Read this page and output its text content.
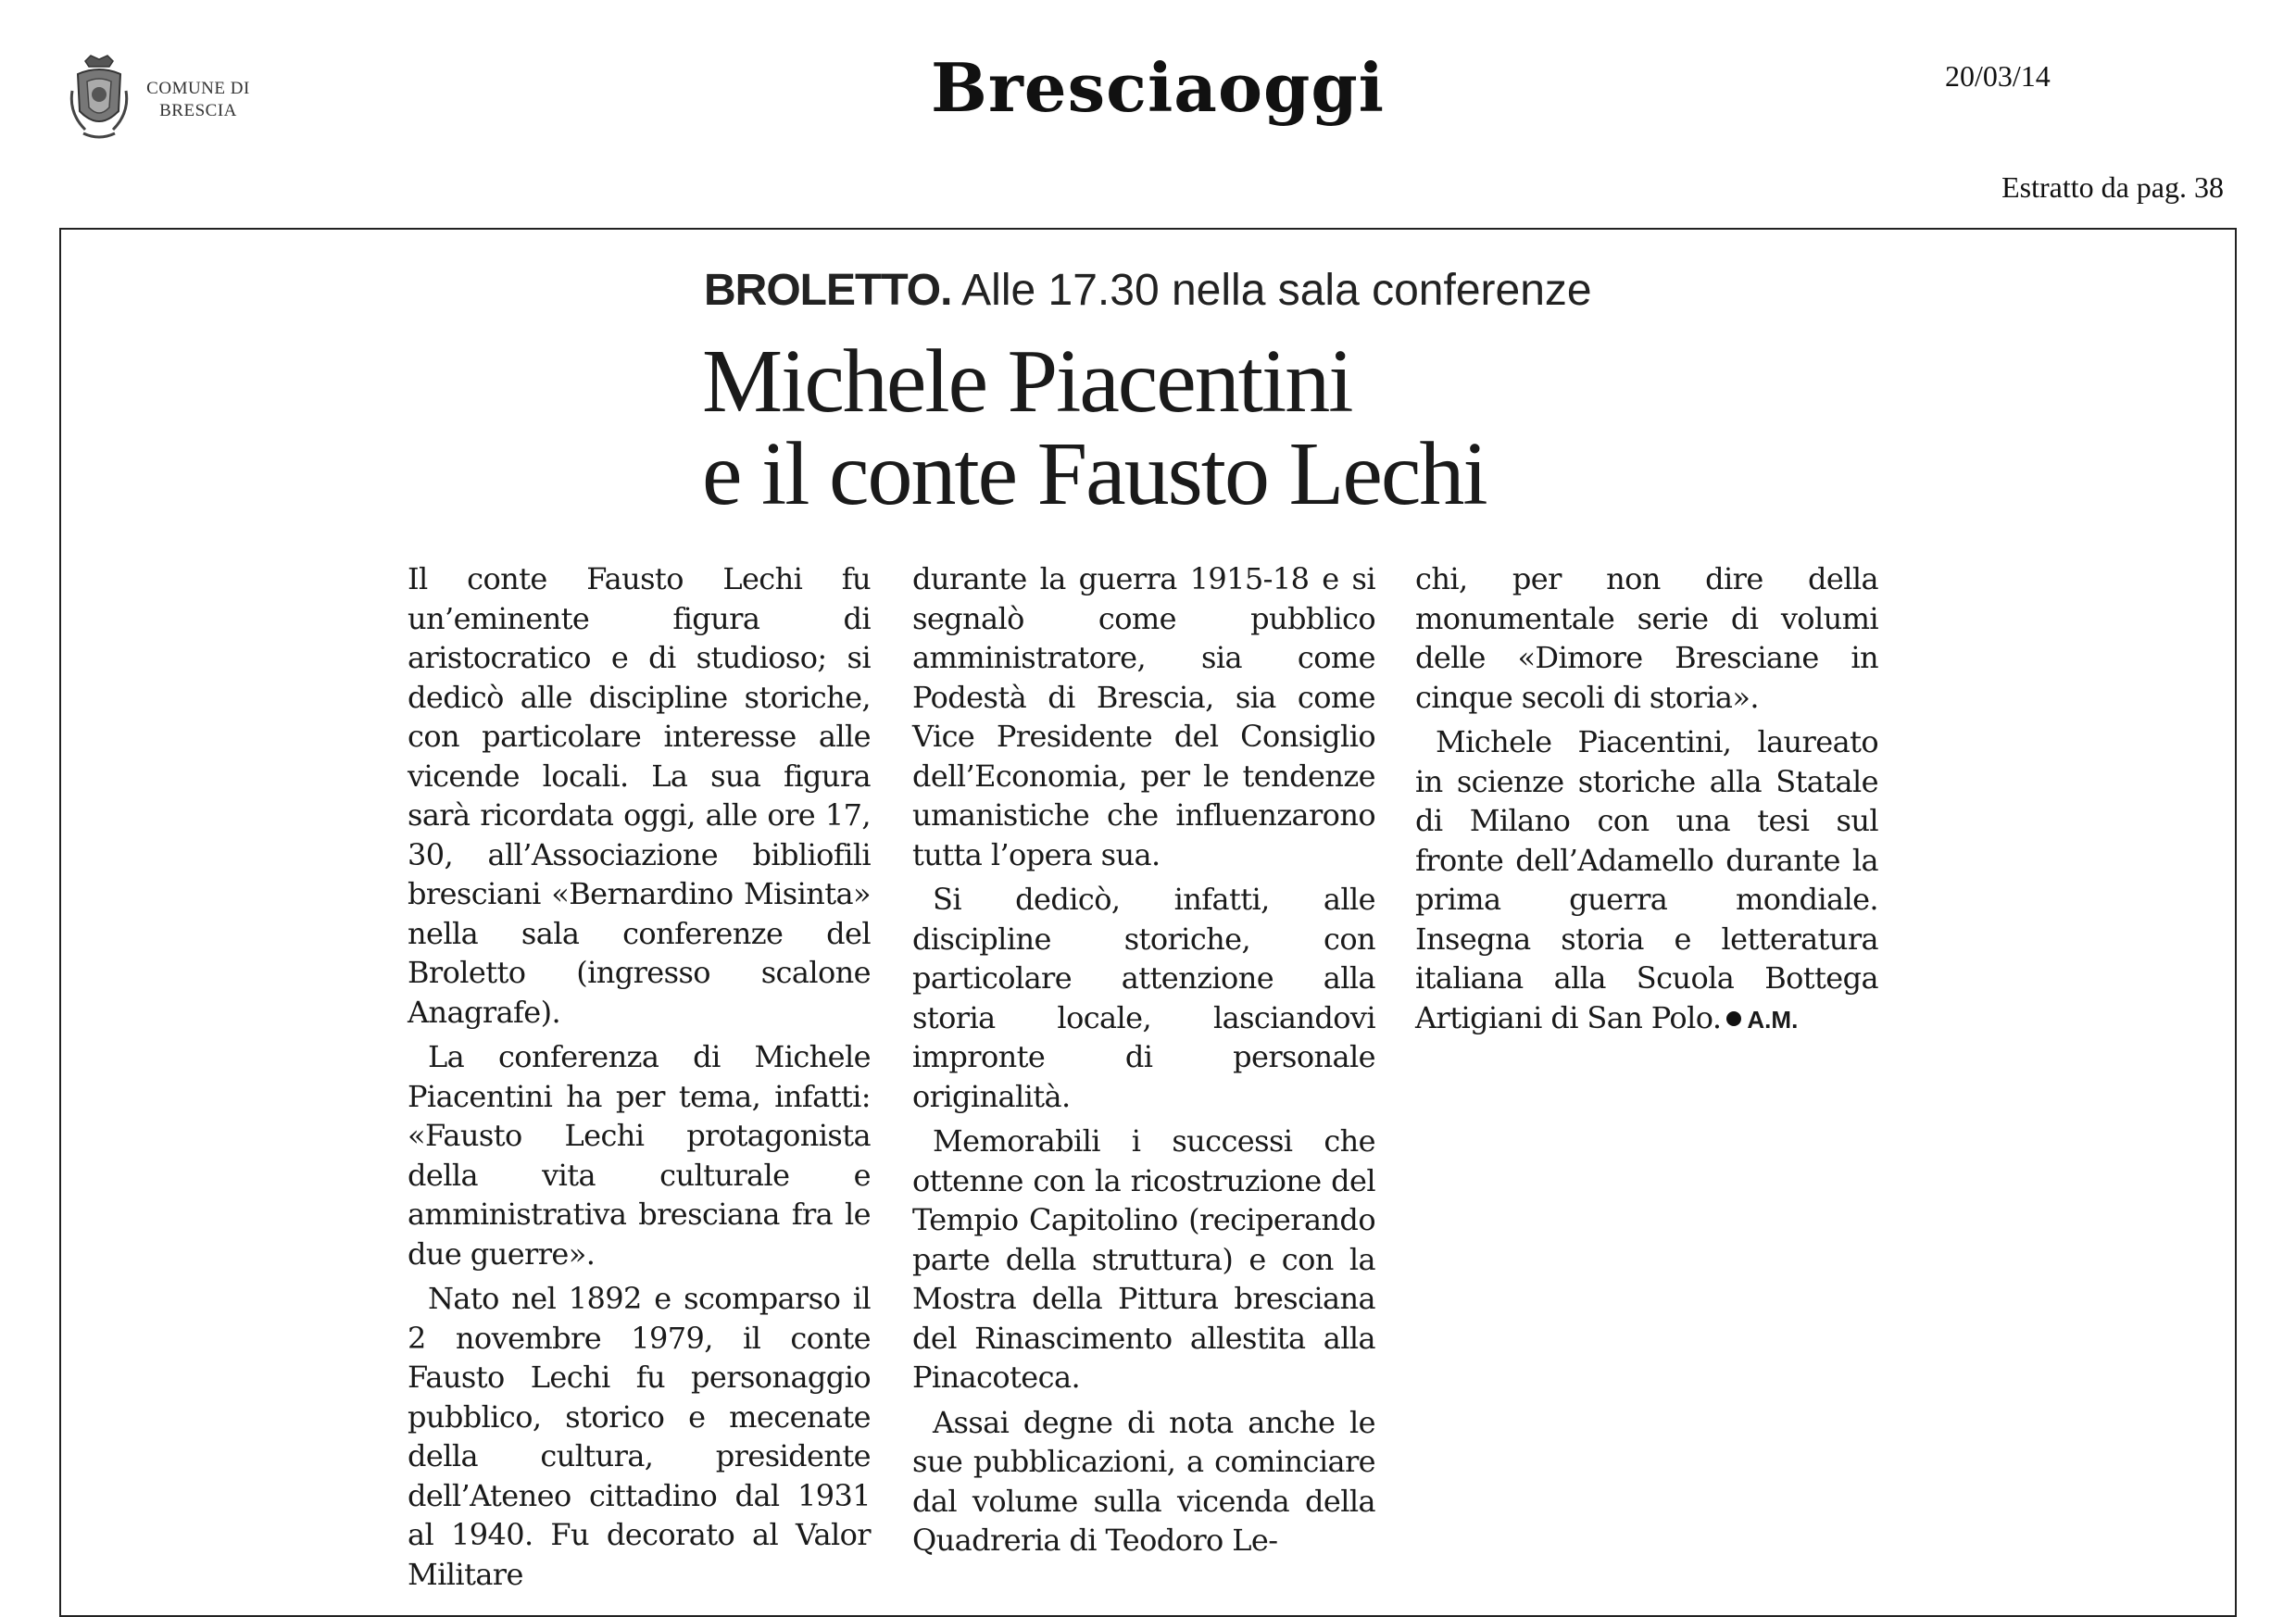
COMUNE DI
BRESCIA	Bresciaoggi	20/03/14
Estratto da pag. 38
BROLETTO. Alle 17.30 nella sala conferenze
Michele Piacentini
e il conte Fausto Lechi

Il conte Fausto Lechi fu un’eminente figura di aristocratico e di studioso; si dedicò alle discipline storiche, con particolare interesse alle vicende locali. La sua figura sarà ricordata oggi, alle ore 17, 30, all’Associazione bibliofili bresciani «Bernardino Misinta» nella sala conferenze del Broletto (ingresso scalone Anagrafe).

La conferenza di Michele Piacentini ha per tema, infatti: «Fausto Lechi protagonista della vita culturale e amministrativa bresciana fra le due guerre».

Nato nel 1892 e scomparso il 2 novembre 1979, il conte Fausto Lechi fu personaggio pubblico, storico e mecenate della cultura, presidente dell’Ateneo cittadino dal 1931 al 1940. Fu decorato al Valor Militare

durante la guerra 1915-18 e si segnalò come pubblico amministratore, sia come Podestà di Brescia, sia come Vice Presidente del Consiglio dell’Economia, per le tendenze umanistiche che influenzarono tutta l’opera sua.

Si dedicò, infatti, alle discipline storiche, con particolare attenzione alla storia locale, lasciandovi impronte di personale originalità.

Memorabili i successi che ottenne con la ricostruzione del Tempio Capitolino (reciperando parte della struttura) e con la Mostra della Pittura bresciana del Rinascimento allestita alla Pinacoteca.

Assai degne di nota anche le sue pubblicazioni, a cominciare dal volume sulla vicenda della Quadreria di Teodoro Le-

chi, per non dire della monumentale serie di volumi delle «Dimore Bresciane in cinque secoli di storia».

Michele Piacentini, laureato in scienze storiche alla Statale di Milano con una tesi sul fronte dell’Adamello durante la prima guerra mondiale. Insegna storia e letteratura italiana alla Scuola Bottega Artigiani di San Polo. A.M.
